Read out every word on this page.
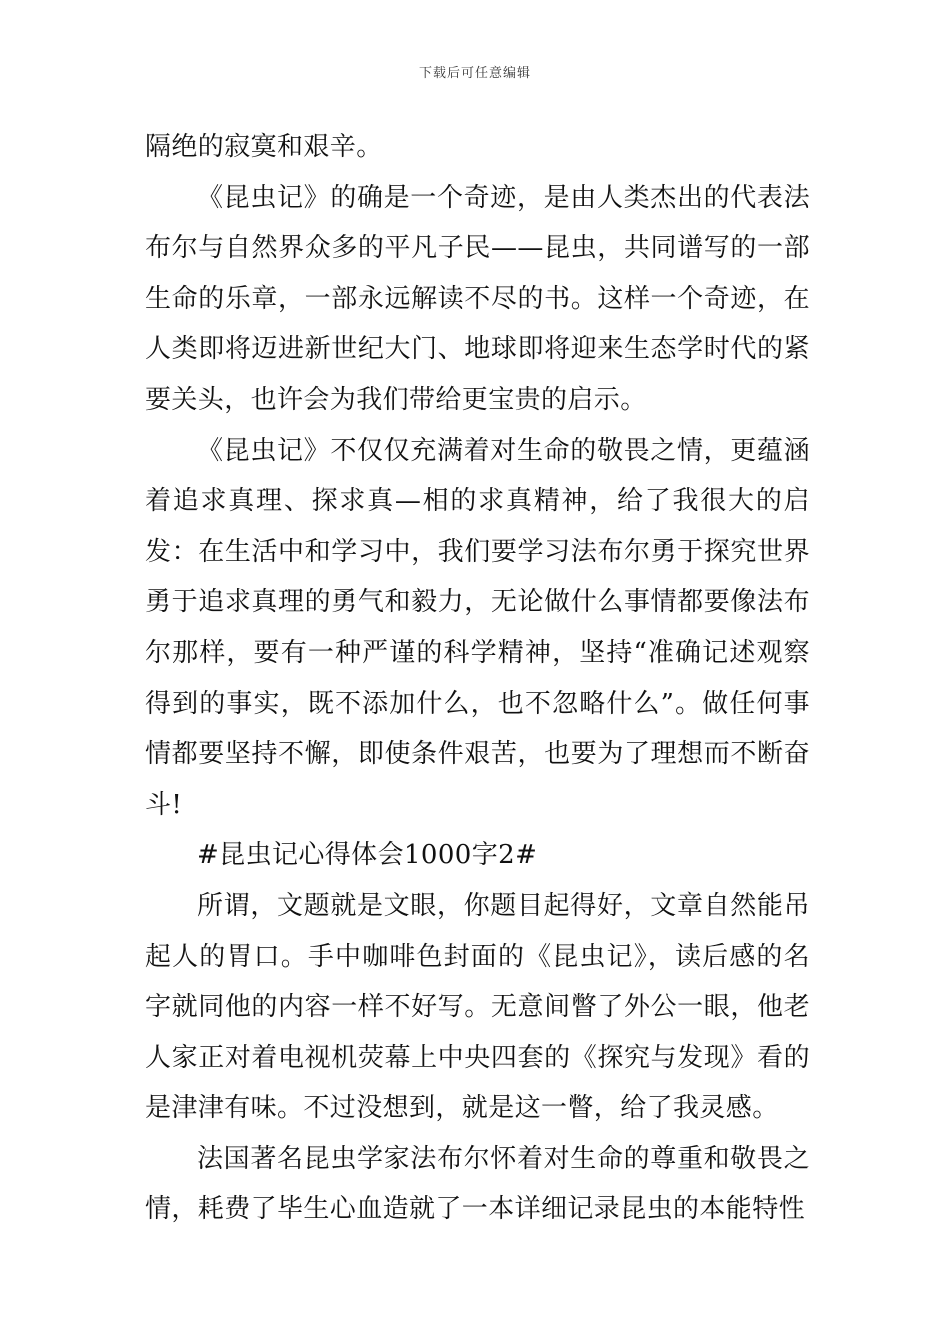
下载后可任意编辑

隔绝的寂寞和艰辛。

《昆虫记》的确是一个奇迹，是由人类杰出的代表法布尔与自然界众多的平凡子民——昆虫，共同谱写的一部生命的乐章，一部永远解读不尽的书。这样一个奇迹，在人类即将迈进新世纪大门、地球即将迎来生态学时代的紧要关头，也许会为我们带给更宝贵的启示。

《昆虫记》不仅仅充满着对生命的敬畏之情，更蕴涵着追求真理、探求真—相的求真精神，给了我很大的启发：在生活中和学习中，我们要学习法布尔勇于探究世界勇于追求真理的勇气和毅力，无论做什么事情都要像法布尔那样，要有一种严谨的科学精神，坚持“准确记述观察得到的事实，既不添加什么，也不忽略什么”。做任何事情都要坚持不懈，即使条件艰苦，也要为了理想而不断奋斗!

#昆虫记心得体会1000字2#

所谓，文题就是文眼，你题目起得好，文章自然能吊起人的胃口。手中咖啡色封面的《昆虫记》，读后感的名字就同他的内容一样不好写。无意间瞥了外公一眼，他老人家正对着电视机荧幕上中央四套的《探究与发现》看的是津津有味。不过没想到，就是这一瞥，给了我灵感。

法国著名昆虫学家法布尔怀着对生命的尊重和敬畏之情，耗费了毕生心血造就了一本详细记录昆虫的本能特性
